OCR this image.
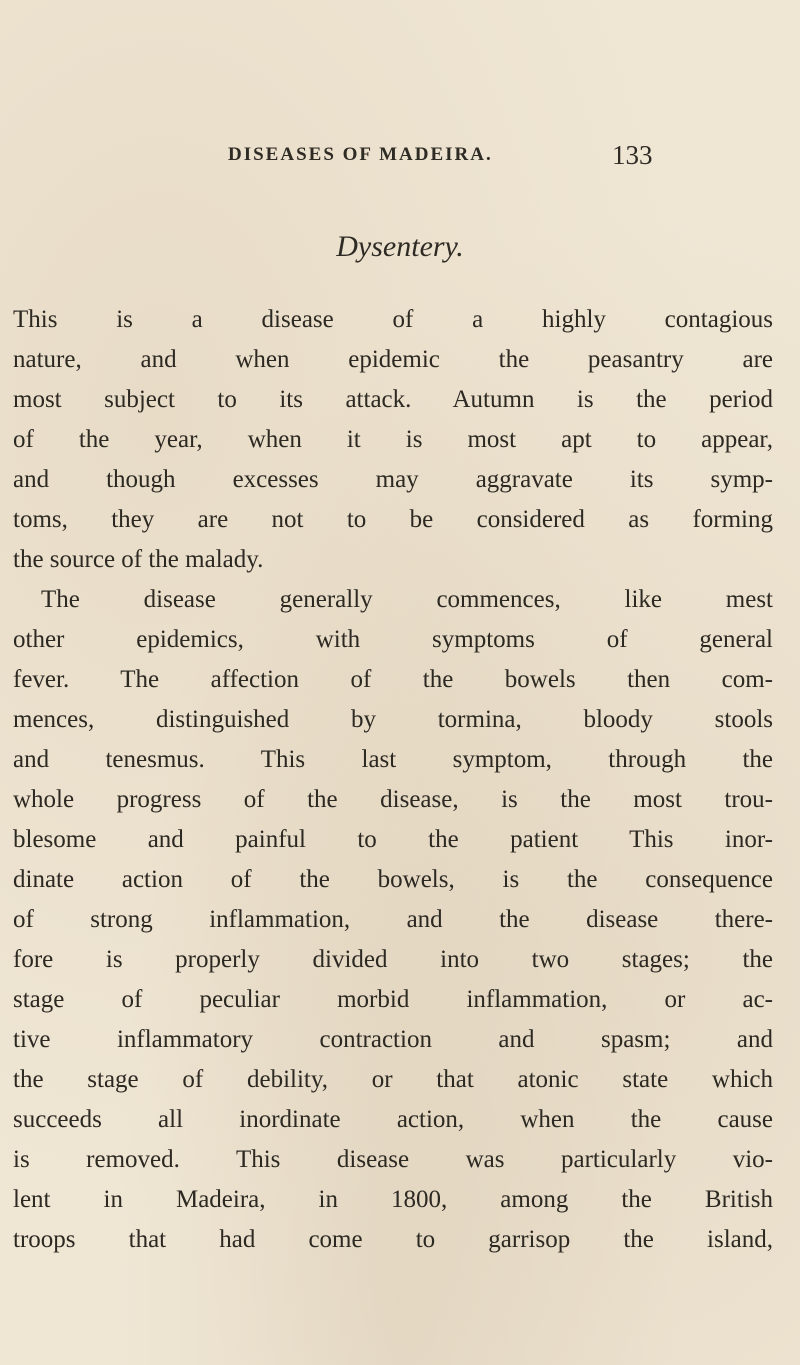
DISEASES OF MADEIRA.	133
Dysentery.
This is a disease of a highly contagious
nature, and when epidemic the peasantry are
most subject to its attack. Autumn is the period
of the year, when it is most apt to appear,
and though excesses may aggravate its symp-
toms, they are not to be considered as forming
the source of the malady.
The disease generally commences, like mest
other epidemics, with symptoms of general
fever. The affection of the bowels then com-
mences, distinguished by tormina, bloody stools
and tenesmus. This last symptom, through the
whole progress of the disease, is the most trou-
blesome and painful to the patient This inor-
dinate action of the bowels, is the consequence
of strong inflammation, and the disease there-
fore is properly divided into two stages; the
stage of peculiar morbid inflammation, or ac-
tive inflammatory contraction and spasm; and
the stage of debility, or that atonic state which
succeeds all inordinate action, when the cause
is removed. This disease was particularly vio-
lent in Madeira, in 1800, among the British
troops that had come to garrisop the island,
